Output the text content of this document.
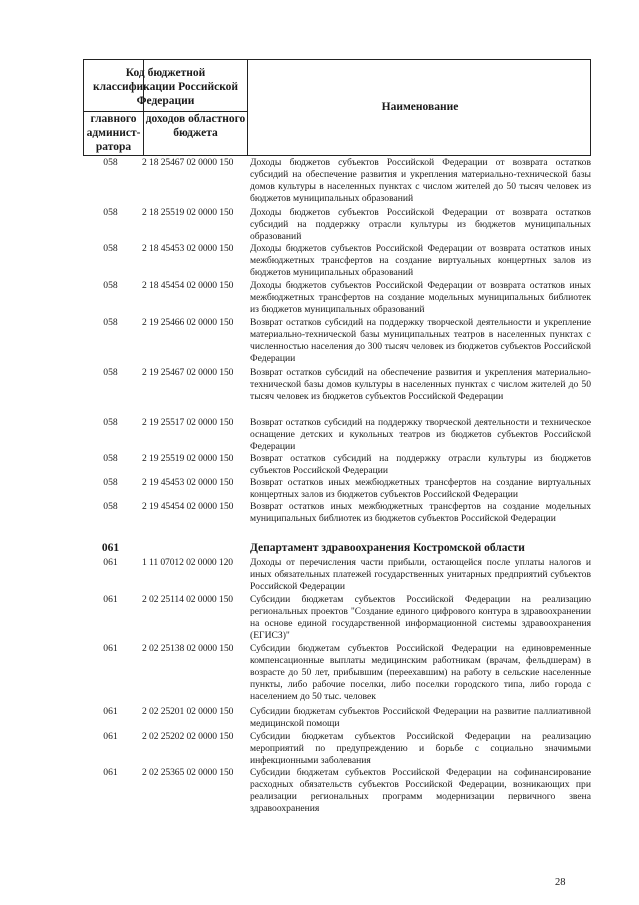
Код бюджетной классификации Российской Федерации
главного админист-ратора
доходов областного бюджета
Наименование
058	2 18 25467 02 0000 150	Доходы бюджетов субъектов Российской Федерации от возврата остатков субсидий на обеспечение развития и укрепления материально-технической базы домов культуры в населенных пунктах с числом жителей до 50 тысяч человек из бюджетов муниципальных образований
058	2 18 25519 02 0000 150	Доходы бюджетов субъектов Российской Федерации от возврата остатков субсидий на поддержку отрасли культуры из бюджетов муниципальных образований
058	2 18 45453 02 0000 150	Доходы бюджетов субъектов Российской Федерации от возврата остатков иных межбюджетных трансфертов на создание виртуальных концертных залов из бюджетов муниципальных образований
058	2 18 45454 02 0000 150	Доходы бюджетов субъектов Российской Федерации от возврата остатков иных межбюджетных трансфертов на создание модельных муниципальных библиотек из бюджетов муниципальных образований
058	2 19 25466 02 0000 150	Возврат остатков субсидий на поддержку творческой деятельности и укрепление материально-технической базы муниципальных театров в населенных пунктах с численностью населения до 300 тысяч человек из бюджетов субъектов Российской Федерации
058	2 19 25467 02 0000 150	Возврат остатков субсидий на обеспечение развития и укрепления материально-технической базы домов культуры в населенных пунктах с числом жителей до 50 тысяч человек из бюджетов субъектов Российской Федерации
058	2 19 25517 02 0000 150	Возврат остатков субсидий на поддержку творческой деятельности и техническое оснащение детских и кукольных театров из бюджетов субъектов Российской Федерации
058	2 19 25519 02 0000 150	Возврат остатков субсидий на поддержку отрасли культуры из бюджетов субъектов Российской Федерации
058	2 19 45453 02 0000 150	Возврат остатков иных межбюджетных трансфертов на создание виртуальных концертных залов из бюджетов субъектов Российской Федерации
058	2 19 45454 02 0000 150	Возврат остатков иных межбюджетных трансфертов на создание модельных муниципальных библиотек из бюджетов субъектов Российской Федерации
061	Департамент здравоохранения Костромской области
061	1 11 07012 02 0000 120	Доходы от перечисления части прибыли, остающейся после уплаты налогов и иных обязательных платежей государственных унитарных предприятий субъектов Российской Федерации
061	2 02 25114 02 0000 150	Субсидии бюджетам субъектов Российской Федерации на реализацию региональных проектов "Создание единого цифрового контура в здравоохранении на основе единой государственной информационной системы здравоохранения (ЕГИСЗ)"
061	2 02 25138 02 0000 150	Субсидии бюджетам субъектов Российской Федерации на единовременные компенсационные выплаты медицинским работникам (врачам, фельдшерам) в возрасте до 50 лет, прибывшим (переехавшим) на работу в сельские населенные пункты, либо рабочие поселки, либо поселки городского типа, либо города с населением до 50 тыс. человек
061	2 02 25201 02 0000 150	Субсидии бюджетам субъектов Российской Федерации на развитие паллиативной медицинской помощи
061	2 02 25202 02 0000 150	Субсидии бюджетам субъектов Российской Федерации на реализацию мероприятий по предупреждению и борьбе с социально значимыми инфекционными заболевания
061	2 02 25365 02 0000 150	Субсидии бюджетам субъектов Российской Федерации на софинансирование расходных обязательств субъектов Российской Федерации, возникающих при реализации региональных программ модернизации первичного звена здравоохранения
28
